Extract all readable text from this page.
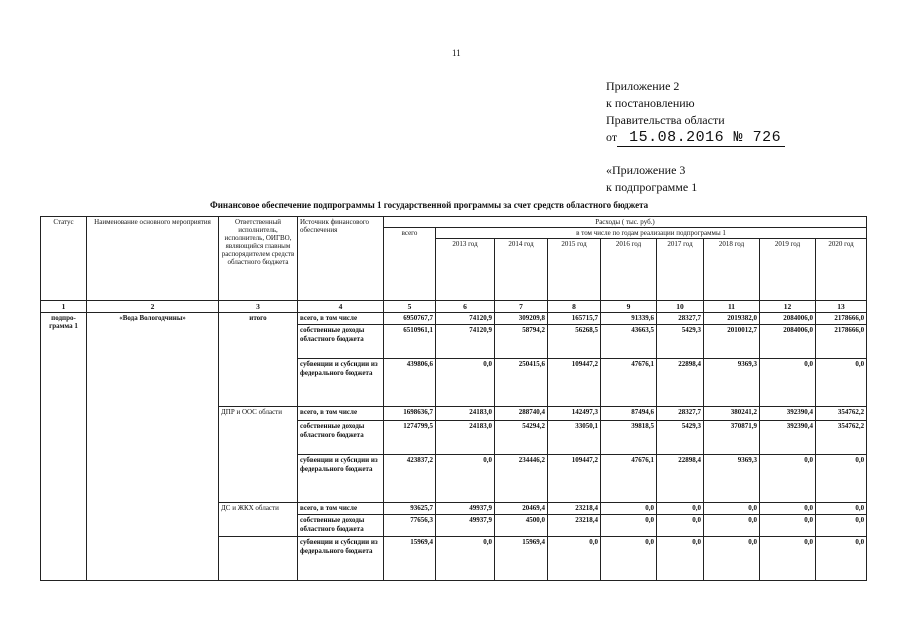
11
Приложение 2
к постановлению
Правительства области
от 15.08.2016 № 726
«Приложение 3
к подпрограмме 1
Финансовое обеспечение подпрограммы 1 государственной программы за счет средств областного бюджета
Статус	Наименование основного мероприятия	Ответственный исполнитель, исполнитель, ОИГВО, являющийся главным распорядителем средств областного бюджета	Источник финансового обеспечения	Расходы ( тыс. руб.)								
				всего	в том числе по годам реализации подпрограммы 1							
					2013 год	2014 год	2015 год	2016 год	2017 год	2018 год	2019 год	2020 год
1	2	3	4	5	6	7	8	9	10	11	12	13
подпро-грамма 1	«Вода Вологодчины»	итого	всего, в том числе	6950767,7	74120,9	309209,8	165715,7	91339,6	28327,7	2019382,0	2084006,0	2178666,0
			собственные доходы областного бюджета	6510961,1	74120,9	58794,2	56268,5	43663,5	5429,3	2010012,7	2084006,0	2178666,0
			субвенции и субсидии из федерального бюджета	439806,6	0,0	250415,6	109447,2	47676,1	22898,4	9369,3	0,0	0,0
		ДПР и ООС области	всего, в том числе	1698636,7	24183,0	288740,4	142497,3	87494,6	28327,7	380241,2	392390,4	354762,2
			собственные доходы областного бюджета	1274799,5	24183,0	54294,2	33050,1	39818,5	5429,3	370871,9	392390,4	354762,2
			субвенции и субсидии из федерального бюджета	423837,2	0,0	234446,2	109447,2	47676,1	22898,4	9369,3	0,0	0,0
		ДС и ЖКХ области	всего, в том числе	93625,7	49937,9	20469,4	23218,4	0,0	0,0	0,0	0,0	0,0
			собственные доходы областного бюджета	77656,3	49937,9	4500,0	23218,4	0,0	0,0	0,0	0,0	0,0
			субвенции и субсидии из федерального бюджета	15969,4	0,0	15969,4	0,0	0,0	0,0	0,0	0,0	0,0
